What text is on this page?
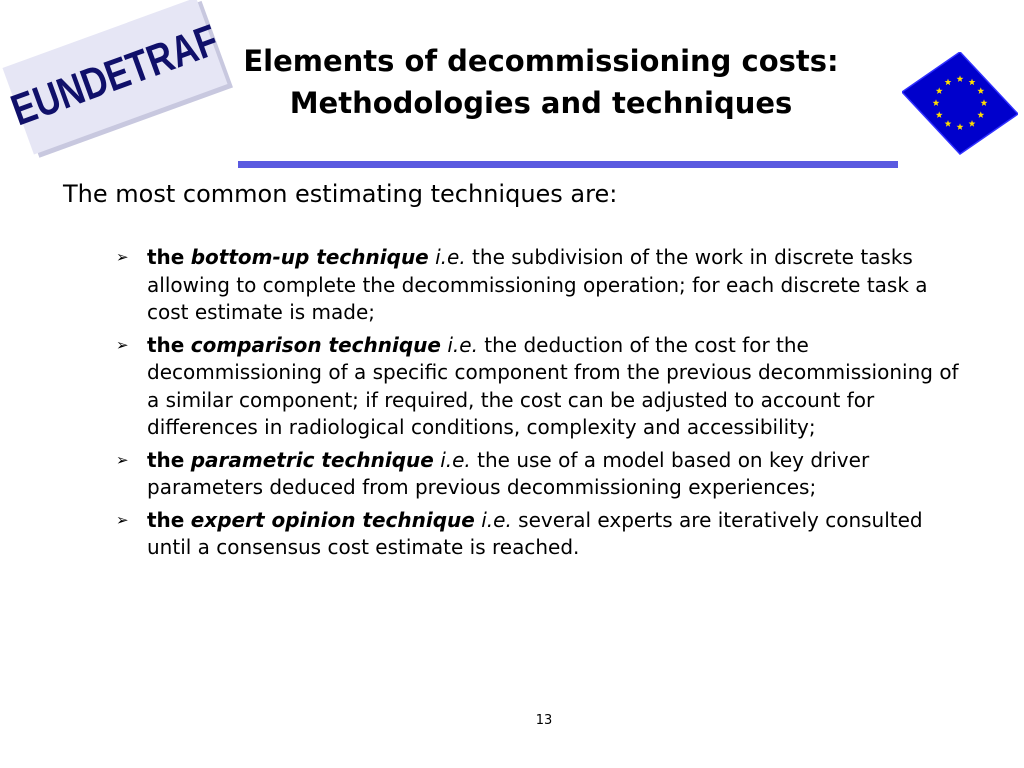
EUNDETRAF Elements of decommissioning costs:
Methodologies and techniques
The most common estimating techniques are:
➢ the bottom-up technique i.e. the subdivision of the work in discrete tasks allowing to complete the decommissioning operation; for each discrete task a cost estimate is made;
➢ the comparison technique i.e. the deduction of the cost for the decommissioning of a specific component from the previous decommissioning of a similar component; if required, the cost can be adjusted to account for differences in radiological conditions, complexity and accessibility;
➢ the parametric technique i.e. the use of a model based on key driver parameters deduced from previous decommissioning experiences;
➢ the expert opinion technique i.e. several experts are iteratively consulted until a consensus cost estimate is reached.
13
